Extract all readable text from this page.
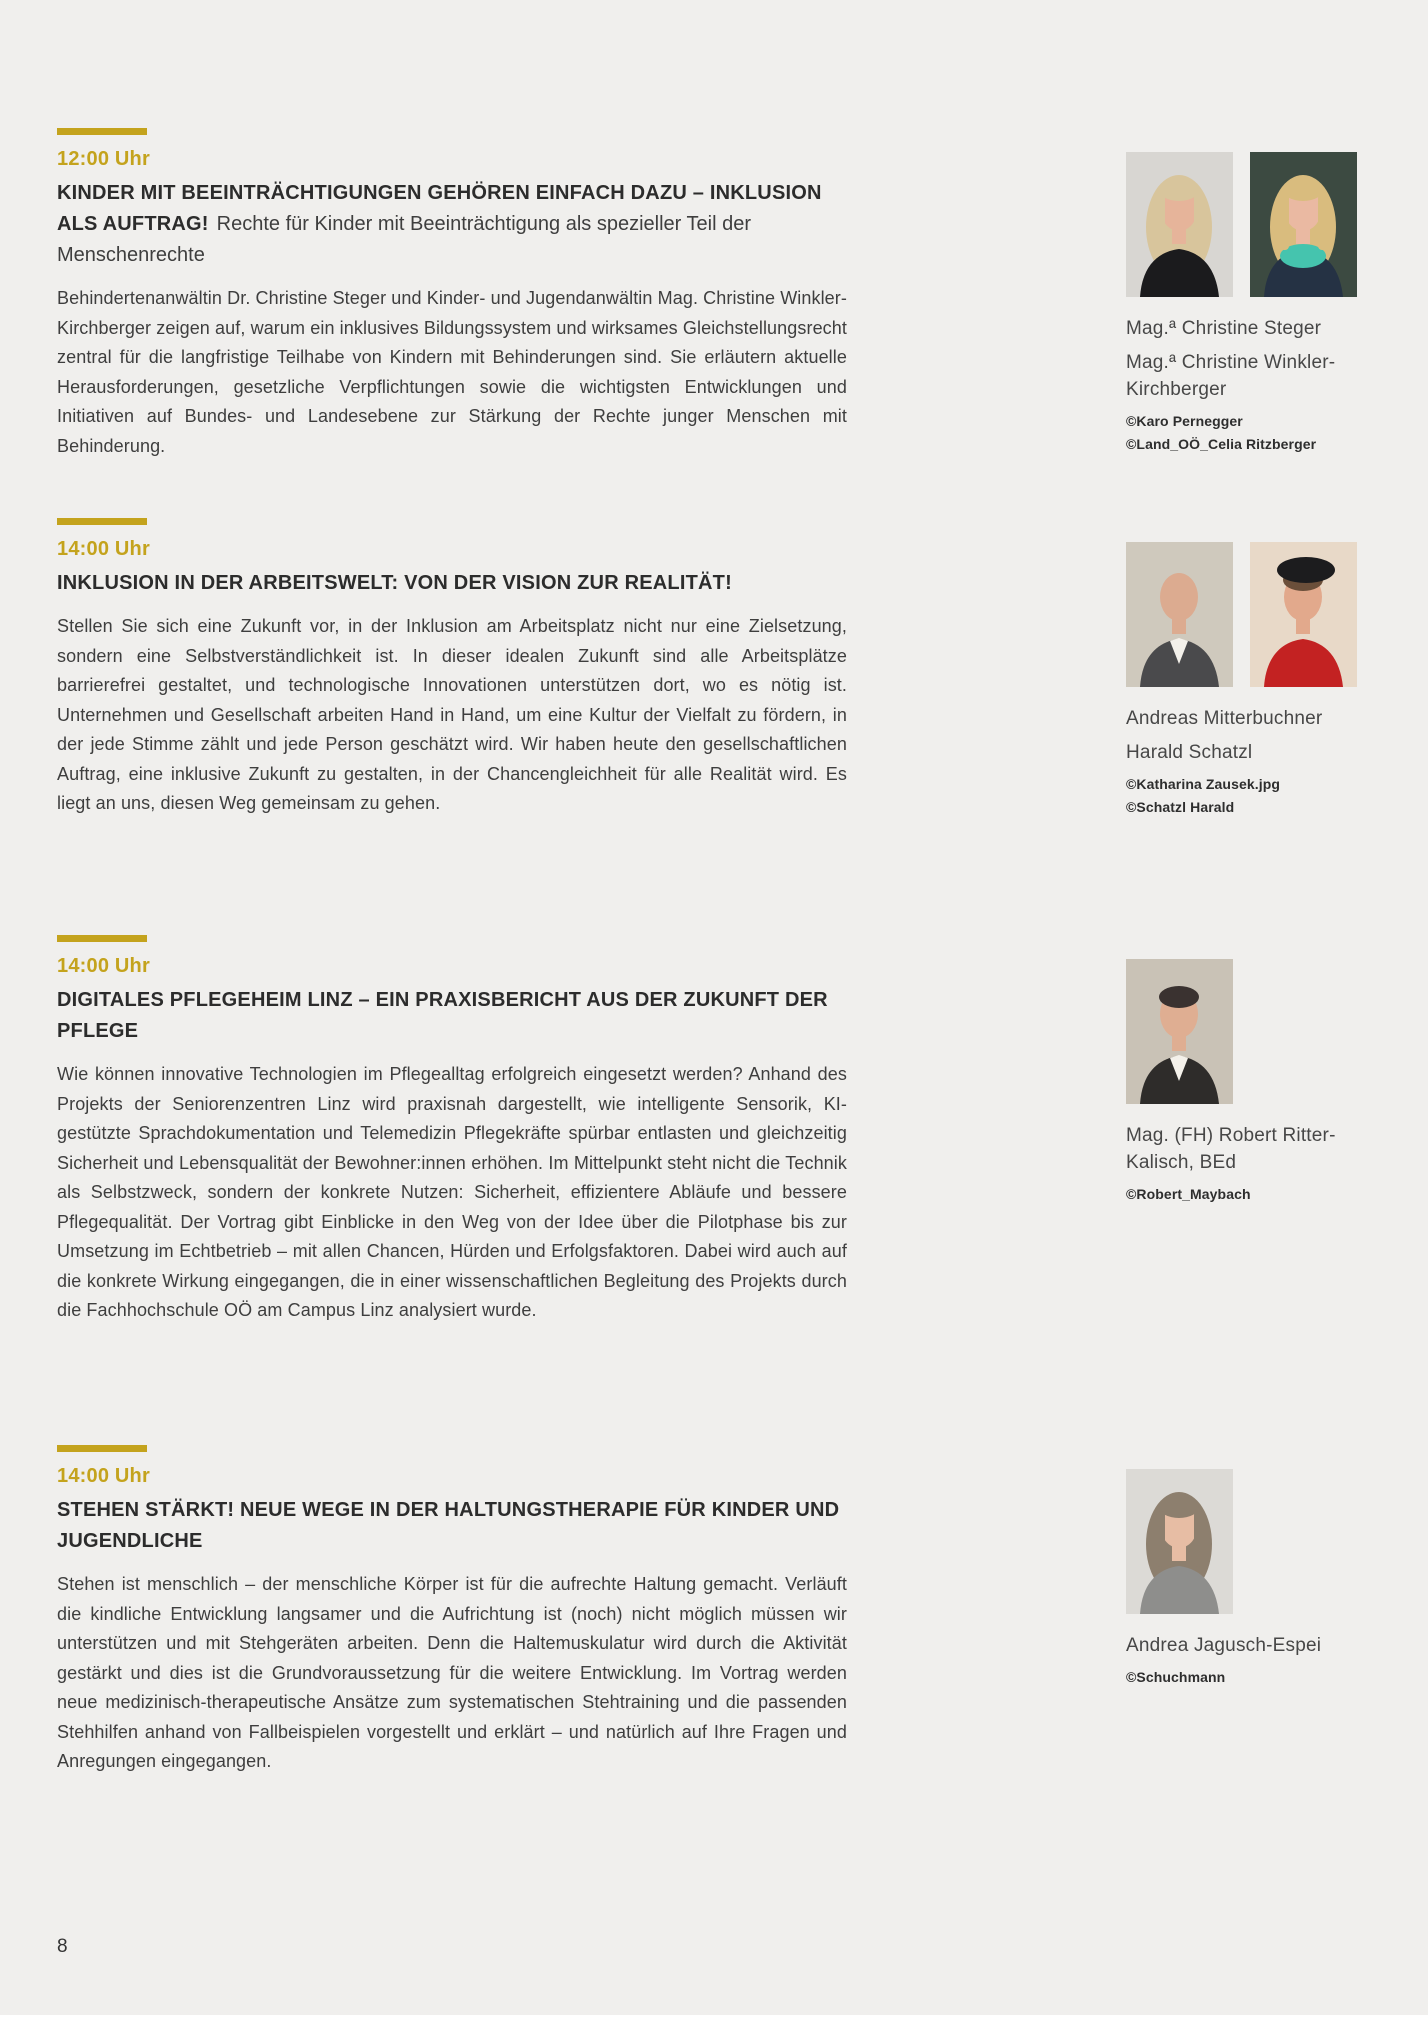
12:00 Uhr
KINDER MIT BEEINTRÄCHTIGUNGEN GEHÖREN EINFACH DAZU – INKLUSION ALS AUFTRAG! Rechte für Kinder mit Beeinträchtigung als spezieller Teil der Menschenrechte

Behindertenanwältin Dr. Christine Steger und Kinder- und Jugendanwältin Mag. Christine Winkler-Kirchberger zeigen auf, warum ein inklusives Bildungssystem und wirksames Gleichstellungsrecht zentral für die langfristige Teilhabe von Kindern mit Behinderungen sind. Sie erläutern aktuelle Herausforderungen, gesetzliche Verpflichtungen sowie die wichtigsten Entwicklungen und Initiativen auf Bundes- und Landesebene zur Stärkung der Rechte junger Menschen mit Behinderung.

Mag.ª Christine Steger
Mag.ª Christine Winkler-Kirchberger
©Karo Pernegger
©Land_OÖ_Celia Ritzberger
14:00 Uhr
INKLUSION IN DER ARBEITSWELT: VON DER VISION ZUR REALITÄT!

Stellen Sie sich eine Zukunft vor, in der Inklusion am Arbeitsplatz nicht nur eine Zielsetzung, sondern eine Selbstverständlichkeit ist. In dieser idealen Zukunft sind alle Arbeitsplätze barrierefrei gestaltet, und technologische Innovationen unterstützen dort, wo es nötig ist. Unternehmen und Gesellschaft arbeiten Hand in Hand, um eine Kultur der Vielfalt zu fördern, in der jede Stimme zählt und jede Person geschätzt wird. Wir haben heute den gesellschaftlichen Auftrag, eine inklusive Zukunft zu gestalten, in der Chancengleichheit für alle Realität wird. Es liegt an uns, diesen Weg gemeinsam zu gehen.

Andreas Mitterbuchner
Harald Schatzl
©Katharina Zausek.jpg
©Schatzl Harald
14:00 Uhr
DIGITALES PFLEGEHEIM LINZ – EIN PRAXISBERICHT AUS DER ZUKUNFT DER PFLEGE

Wie können innovative Technologien im Pflegealltag erfolgreich eingesetzt werden? Anhand des Projekts der Seniorenzentren Linz wird praxisnah dargestellt, wie intelligente Sensorik, KI-gestützte Sprachdokumentation und Telemedizin Pflegekräfte spürbar entlasten und gleichzeitig Sicherheit und Lebensqualität der Bewohner:innen erhöhen. Im Mittelpunkt steht nicht die Technik als Selbstzweck, sondern der konkrete Nutzen: Sicherheit, effizientere Abläufe und bessere Pflegequalität. Der Vortrag gibt Einblicke in den Weg von der Idee über die Pilotphase bis zur Umsetzung im Echtbetrieb – mit allen Chancen, Hürden und Erfolgsfaktoren. Dabei wird auch auf die konkrete Wirkung eingegangen, die in einer wissenschaftlichen Begleitung des Projekts durch die Fachhochschule OÖ am Campus Linz analysiert wurde.

Mag. (FH) Robert Ritter-Kalisch, BEd
©Robert_Maybach
14:00 Uhr
STEHEN STÄRKT! NEUE WEGE IN DER HALTUNGSTHERAPIE FÜR KINDER UND JUGENDLICHE

Stehen ist menschlich – der menschliche Körper ist für die aufrechte Haltung gemacht. Verläuft die kindliche Entwicklung langsamer und die Aufrichtung ist (noch) nicht möglich müssen wir unterstützen und mit Stehgeräten arbeiten. Denn die Haltemuskulatur wird durch die Aktivität gestärkt und dies ist die Grundvoraussetzung für die weitere Entwicklung. Im Vortrag werden neue medizinisch-therapeutische Ansätze zum systematischen Stehtraining und die passenden Stehhilfen anhand von Fallbeispielen vorgestellt und erklärt – und natürlich auf Ihre Fragen und Anregungen eingegangen.

Andrea Jagusch-Espei
©Schuchmann
8
